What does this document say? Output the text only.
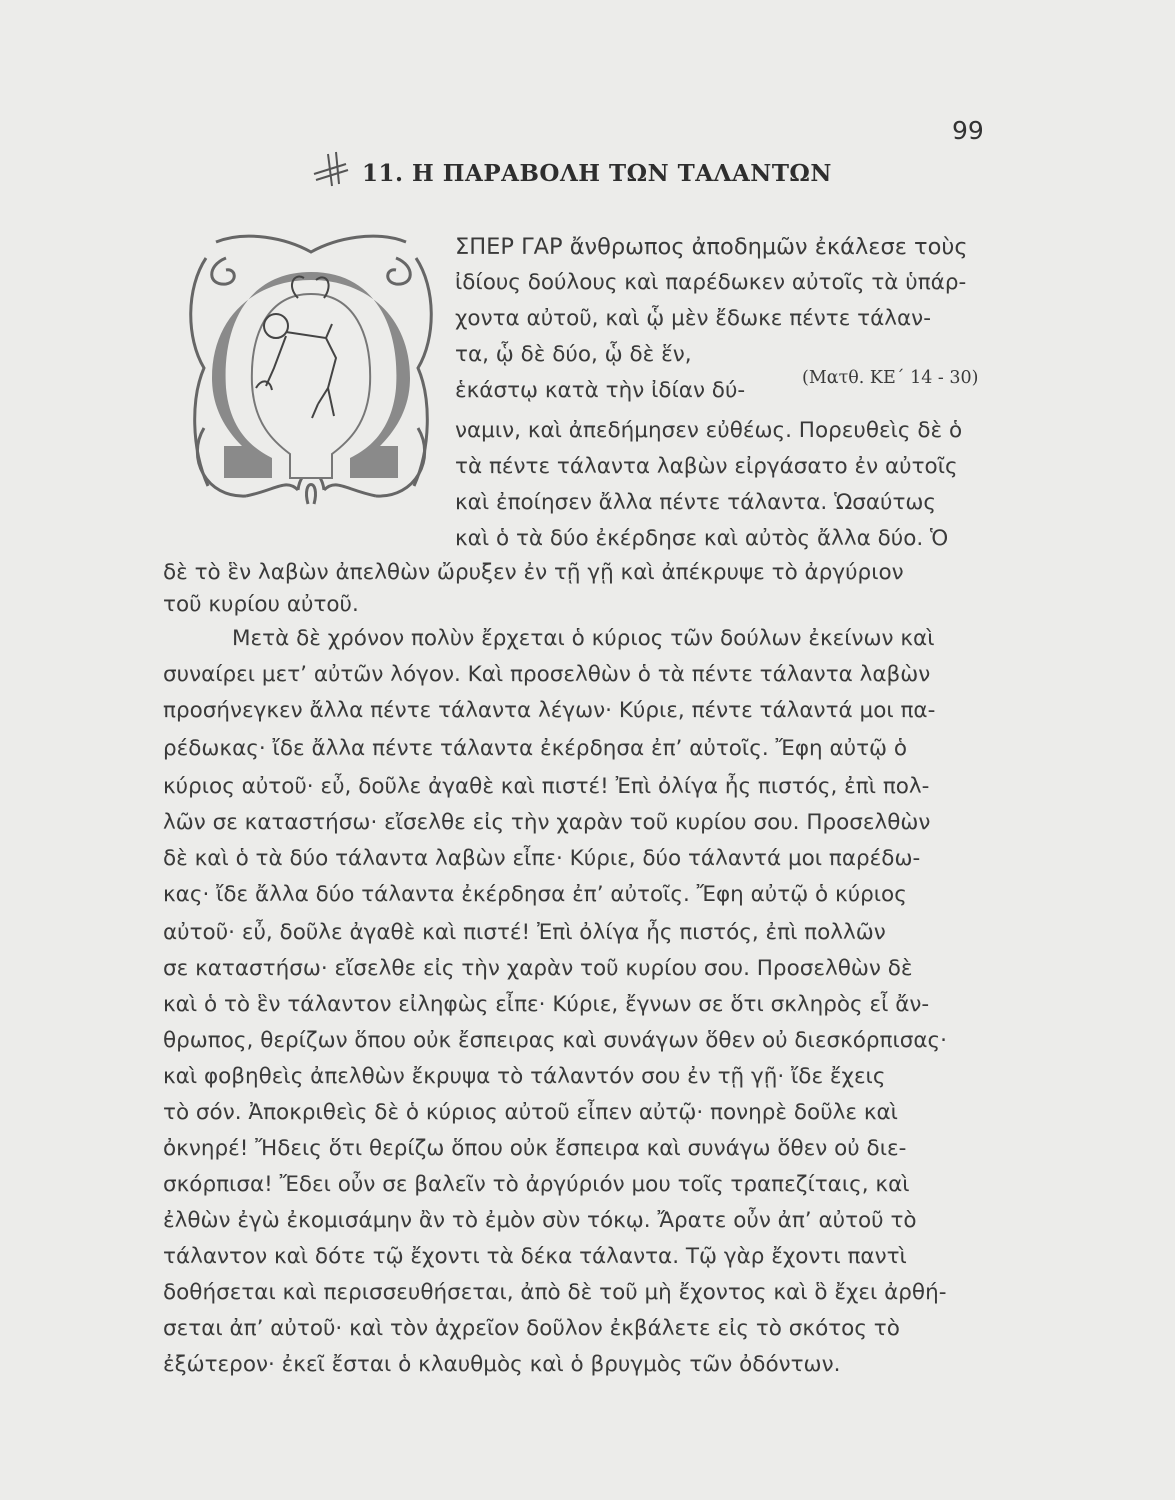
99
11. Η ΠΑΡΑΒΟΛΗ ΤΩΝ ΤΑΛΑΝΤΩΝ
ΣΠΕΡ ΓΑΡ ἄνθρωπος ἀποδημῶν ἐκάλεσε τοὺς
ἰδίους δούλους καὶ παρέδωκεν αὐτοῖς τὰ ὑπάρ-
χοντα αὐτοῦ, καὶ ᾧ μὲν ἔδωκε πέντε τάλαν-
τα, ᾧ δὲ δύο, ᾧ δὲ ἕν,
ἑκάστῳ κατὰ τὴν ἰδίαν δύ-	(Ματθ. ΚΕ΄ 14 - 30)
ναμιν, καὶ ἀπεδήμησεν εὐθέως. Πορευθεὶς δὲ ὁ
τὰ πέντε τάλαντα λαβὼν εἰργάσατο ἐν αὐτοῖς
καὶ ἐποίησεν ἄλλα πέντε τάλαντα. Ὡσαύτως
καὶ ὁ τὰ δύο ἐκέρδησε καὶ αὐτὸς ἄλλα δύο. Ὁ
δὲ τὸ ἓν λαβὼν ἀπελθὼν ὤρυξεν ἐν τῇ γῇ καὶ ἀπέκρυψε τὸ ἀργύριον
τοῦ κυρίου αὐτοῦ.
Μετὰ δὲ χρόνον πολὺν ἔρχεται ὁ κύριος τῶν δούλων ἐκείνων καὶ
συναίρει μετ’ αὐτῶν λόγον. Καὶ προσελθὼν ὁ τὰ πέντε τάλαντα λαβὼν
προσήνεγκεν ἄλλα πέντε τάλαντα λέγων· Κύριε, πέντε τάλαντά μοι πα-
ρέδωκας· ἴδε ἄλλα πέντε τάλαντα ἐκέρδησα ἐπ’ αὐτοῖς. Ἔφη αὐτῷ ὁ
κύριος αὐτοῦ· εὖ, δοῦλε ἀγαθὲ καὶ πιστέ! Ἐπὶ ὀλίγα ἦς πιστός, ἐπὶ πολ-
λῶν σε καταστήσω· εἴσελθε εἰς τὴν χαρὰν τοῦ κυρίου σου. Προσελθὼν
δὲ καὶ ὁ τὰ δύο τάλαντα λαβὼν εἶπε· Κύριε, δύο τάλαντά μοι παρέδω-
κας· ἴδε ἄλλα δύο τάλαντα ἐκέρδησα ἐπ’ αὐτοῖς. Ἔφη αὐτῷ ὁ κύριος
αὐτοῦ· εὖ, δοῦλε ἀγαθὲ καὶ πιστέ! Ἐπὶ ὀλίγα ἦς πιστός, ἐπὶ πολλῶν
σε καταστήσω· εἴσελθε εἰς τὴν χαρὰν τοῦ κυρίου σου. Προσελθὼν δὲ
καὶ ὁ τὸ ἓν τάλαντον εἰληφὼς εἶπε· Κύριε, ἔγνων σε ὅτι σκληρὸς εἶ ἄν-
θρωπος, θερίζων ὅπου οὐκ ἔσπειρας καὶ συνάγων ὅθεν οὐ διεσκόρπισας·
καὶ φοβηθεὶς ἀπελθὼν ἔκρυψα τὸ τάλαντόν σου ἐν τῇ γῇ· ἴδε ἔχεις
τὸ σόν. Ἀποκριθεὶς δὲ ὁ κύριος αὐτοῦ εἶπεν αὐτῷ· πονηρὲ δοῦλε καὶ
ὀκνηρέ! Ἤδεις ὅτι θερίζω ὅπου οὐκ ἔσπειρα καὶ συνάγω ὅθεν οὐ διε-
σκόρπισα! Ἔδει οὖν σε βαλεῖν τὸ ἀργύριόν μου τοῖς τραπεζίταις, καὶ
ἐλθὼν ἐγὼ ἐκομισάμην ἂν τὸ ἐμὸν σὺν τόκῳ. Ἄρατε οὖν ἀπ’ αὐτοῦ τὸ
τάλαντον καὶ δότε τῷ ἔχοντι τὰ δέκα τάλαντα. Τῷ γὰρ ἔχοντι παντὶ
δοθήσεται καὶ περισσευθήσεται, ἀπὸ δὲ τοῦ μὴ ἔχοντος καὶ ὃ ἔχει ἀρθή-
σεται ἀπ’ αὐτοῦ· καὶ τὸν ἀχρεῖον δοῦλον ἐκβάλετε εἰς τὸ σκότος τὸ
ἐξώτερον· ἐκεῖ ἔσται ὁ κλαυθμὸς καὶ ὁ βρυγμὸς τῶν ὀδόντων.
